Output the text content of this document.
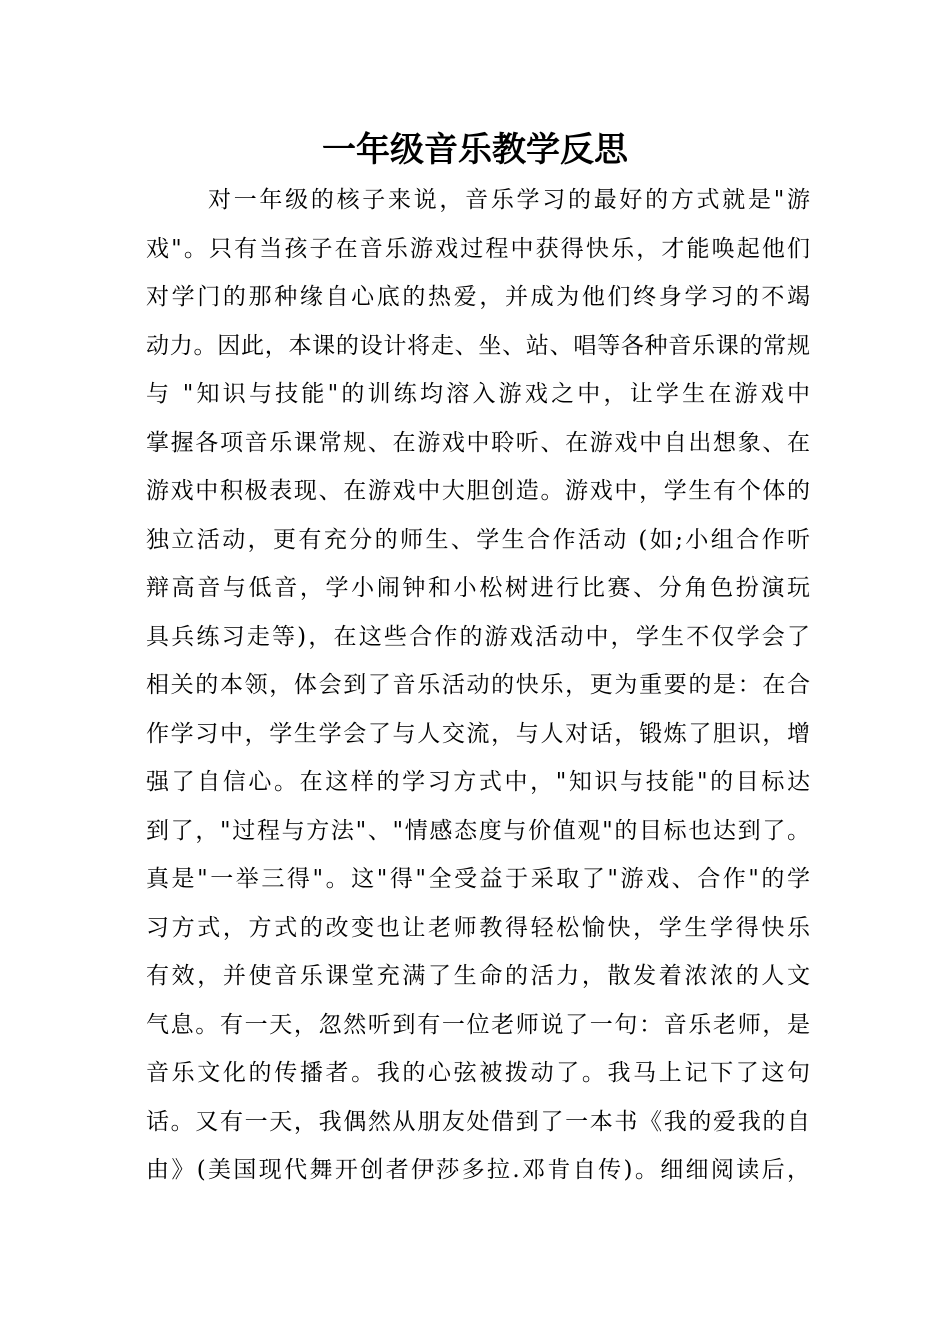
一年级音乐教学反思
对一年级的核子来说，音乐学习的最好的方式就是"游
戏"。只有当孩子在音乐游戏过程中获得快乐，才能唤起他们
对学门的那种缘自心底的热爱，并成为他们终身学习的不竭
动力。因此，本课的设计将走、坐、站、唱等各种音乐课的常规
与 "知识与技能"的训练均溶入游戏之中，让学生在游戏中
掌握各项音乐课常规、在游戏中聆听、在游戏中自出想象、在
游戏中积极表现、在游戏中大胆创造。游戏中，学生有个体的
独立活动，更有充分的师生、学生合作活动 (如;小组合作听
辩高音与低音，学小闹钟和小松树进行比赛、分角色扮演玩
具兵练习走等)，在这些合作的游戏活动中，学生不仅学会了
相关的本领，体会到了音乐活动的快乐，更为重要的是：在合
作学习中，学生学会了与人交流，与人对话，锻炼了胆识，增
强了自信心。在这样的学习方式中，"知识与技能"的目标达
到了，"过程与方法"、"情感态度与价值观"的目标也达到了。
真是"一举三得"。这"得"全受益于采取了"游戏、合作"的学
习方式，方式的改变也让老师教得轻松愉快，学生学得快乐
有效，并使音乐课堂充满了生命的活力，散发着浓浓的人文
气息。有一天，忽然听到有一位老师说了一句：音乐老师，是
音乐文化的传播者。我的心弦被拨动了。我马上记下了这句
话。又有一天，我偶然从朋友处借到了一本书《我的爱我的自
由》(美国现代舞开创者伊莎多拉.邓肯自传)。细细阅读后，
